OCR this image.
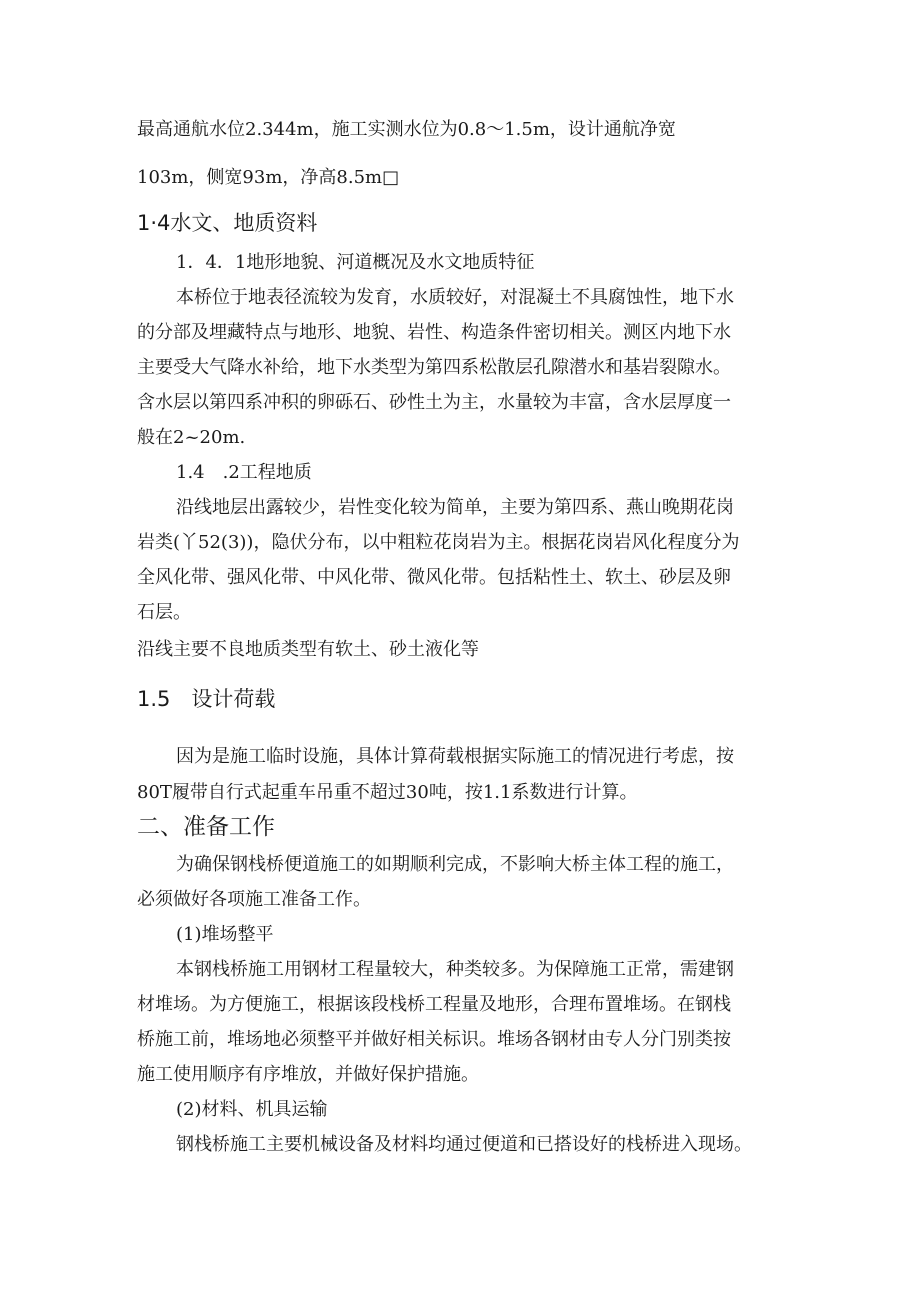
最高通航水位2.344m，施工实测水位为0.8〜1.5m，设计通航净宽
103m，侧宽93m，净高8.5m□
1·4水文、地质资料
1．4．1地形地貌、河道概况及水文地质特征
本桥位于地表径流较为发育，水质较好，对混凝土不具腐蚀性，地下水
的分部及埋藏特点与地形、地貌、岩性、构造条件密切相关。测区内地下水
主要受大气降水补给，地下水类型为第四系松散层孔隙潜水和基岩裂隙水。
含水层以第四系冲积的卵砾石、砂性土为主，水量较为丰富，含水层厚度一
般在2~20m.
1.4　.2工程地质
沿线地层出露较少，岩性变化较为简单，主要为第四系、燕山晚期花岗
岩类(丫52(3))，隐伏分布，以中粗粒花岗岩为主。根据花岗岩风化程度分为
全风化带、强风化带、中风化带、微风化带。包括粘性土、软土、砂层及卵
石层。
沿线主要不良地质类型有软土、砂土液化等
1.5　设计荷载
因为是施工临时设施，具体计算荷载根据实际施工的情况进行考虑，按
80T履带自行式起重车吊重不超过30吨，按1.1系数进行计算。
二、准备工作
为确保钢栈桥便道施工的如期顺利完成，不影响大桥主体工程的施工，
必须做好各项施工准备工作。
(1)堆场整平
本钢栈桥施工用钢材工程量较大，种类较多。为保障施工正常，需建钢
材堆场。为方便施工，根据该段栈桥工程量及地形，合理布置堆场。在钢栈
桥施工前，堆场地必须整平并做好相关标识。堆场各钢材由专人分门别类按
施工使用顺序有序堆放，并做好保护措施。
(2)材料、机具运输
钢栈桥施工主要机械设备及材料均通过便道和已搭设好的栈桥进入现场。
